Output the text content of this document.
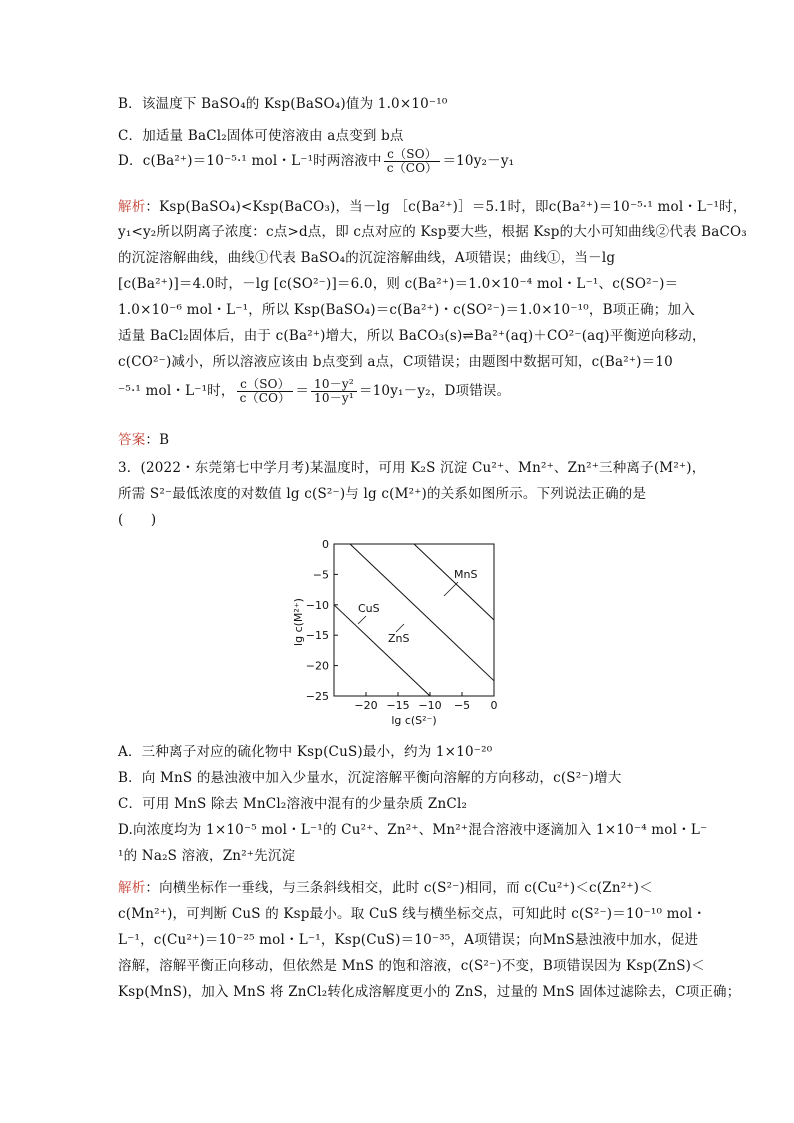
B．该温度下 BaSO₄的 Ksp(BaSO₄)值为 1.0×10⁻¹⁰
C．加适量 BaCl₂固体可使溶液由 a点变到 b点
D．c(Ba²⁺)＝10⁻⁵·¹ mol・L⁻¹时两溶液中 $\frac{c(SO)}{c(CO)} =10y_2-y_1$
解析：Ksp(BaSO₄)<Ksp(BaCO₃)，当－lg ［c(Ba²⁺)］＝5.1时，即c(Ba²⁺)＝10⁻⁵·¹ mol・L⁻¹时，
y₁<y₂所以阴离子浓度：c点>d点，即 c点对应的 Ksp要大些，根据 Ksp的大小可知曲线②代表 BaCO₃
的沉淀溶解曲线，曲线①代表 BaSO₄的沉淀溶解曲线，A项错误；曲线①，当－lg
[c(Ba²⁺)]＝4.0时，－lg [c(SO²⁻)]＝6.0，则 c(Ba²⁺)＝1.0×10⁻⁴ mol・L⁻¹、c(SO²⁻)＝
1.0×10⁻⁶ mol・L⁻¹，所以 Ksp(BaSO₄)＝c(Ba²⁺)・c(SO²⁻)＝1.0×10⁻¹⁰，B项正确；加入
适量 BaCl₂固体后，由于 c(Ba²⁺)增大，所以 BaCO₃(s)⇌Ba²⁺(aq)＋CO²⁻(aq)平衡逆向移动，
c(CO²⁻)减小，所以溶液应该由 b点变到 a点，C项错误；由题图中数据可知，c(Ba²⁺)＝10
⁻⁵·¹ mol・L⁻¹时， $\frac{c(SO)}{c(CO)} = \frac{\text{10－y²}}{\text{10－y¹}} =10y_1-y_2$，D项错误。
答案：B
3．(2022・东莞第七中学月考)某温度时，可用 K₂S 沉淀 Cu²⁺、Mn²⁺、Zn²⁺三种离子(M²⁺)，
所需 S²⁻最低浓度的对数值 lg c(S²⁻)与 lg c(M²⁺)的关系如图所示。下列说法正确的是
(　　)
−20 −15 −10 −5 0
0
−5
−10
−15
−20
−25
lg c(M²⁺)
lg c(S²⁻)
MnS
CuS
ZnS
A．三种离子对应的硫化物中 Ksp(CuS)最小，约为 1×10⁻²⁰
B．向 MnS 的悬浊液中加入少量水，沉淀溶解平衡向溶解的方向移动，c(S²⁻)增大
C．可用 MnS 除去 MnCl₂溶液中混有的少量杂质 ZnCl₂
D.向浓度均为 1×10⁻⁵ mol・L⁻¹的 Cu²⁺、Zn²⁺、Mn²⁺混合溶液中逐滴加入 1×10⁻⁴ mol・L⁻
¹的 Na₂S 溶液，Zn²⁺先沉淀
解析：向横坐标作一垂线，与三条斜线相交，此时 c(S²⁻)相同，而 c(Cu²⁺)＜c(Zn²⁺)＜
c(Mn²⁺)，可判断 CuS 的 Ksp最小。取 CuS 线与横坐标交点，可知此时 c(S²⁻)＝10⁻¹⁰ mol・
L⁻¹，c(Cu²⁺)＝10⁻²⁵ mol・L⁻¹，Ksp(CuS)＝10⁻³⁵，A项错误；向MnS悬浊液中加水，促进
溶解，溶解平衡正向移动，但依然是 MnS 的饱和溶液，c(S²⁻)不变，B项错误因为 Ksp(ZnS)＜
Ksp(MnS)，加入 MnS 将 ZnCl₂转化成溶解度更小的 ZnS，过量的 MnS 固体过滤除去，C项正确；
